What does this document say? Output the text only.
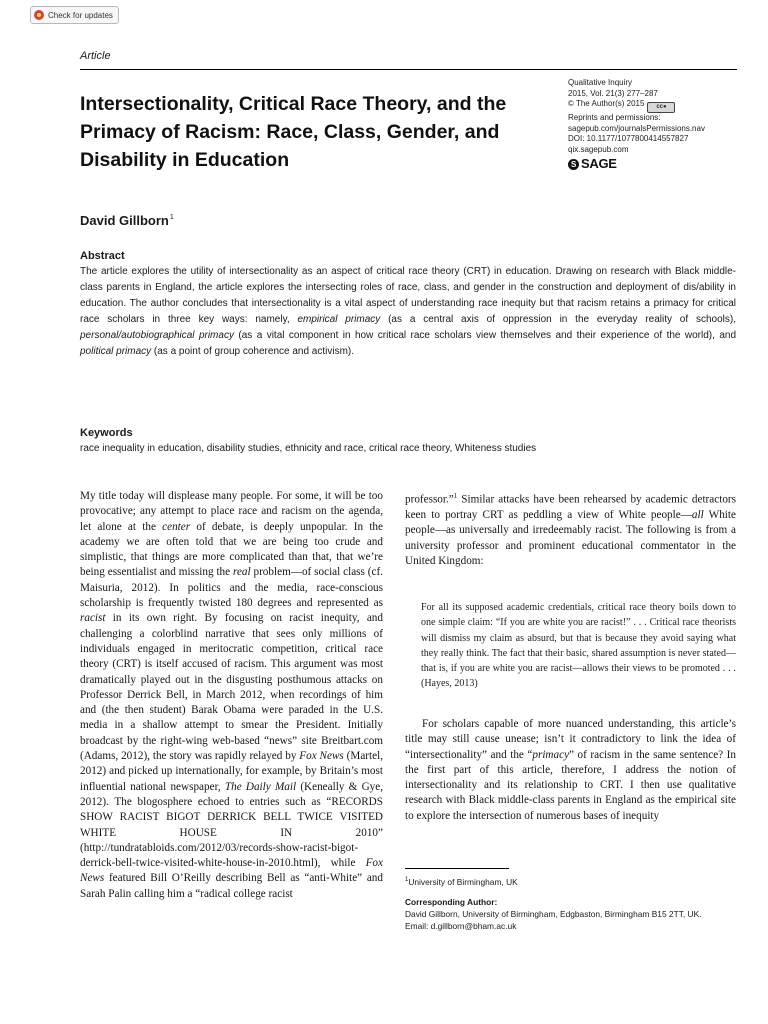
Check for updates
Article
Intersectionality, Critical Race Theory, and the Primacy of Racism: Race, Class, Gender, and Disability in Education
Qualitative Inquiry
2015, Vol. 21(3) 277–287
© The Author(s) 2015 cc●
Reprints and permissions:
sagepub.com/journalsPermissions.nav
DOI: 10.1177/1077800414557827
qix.sagepub.com
S SAGE
David Gillborn$^1$
Abstract

The article explores the utility of intersectionality as an aspect of critical race theory (CRT) in education. Drawing on research with Black middle-class parents in England, the article explores the intersecting roles of race, class, and gender in the construction and deployment of dis/ability in education. The author concludes that intersectionality is a vital aspect of understanding race inequity but that racism retains a primacy for critical race scholars in three key ways: namely, empirical primacy (as a central axis of oppression in the everyday reality of schools), personal/autobiographical primacy (as a vital component in how critical race scholars view themselves and their experience of the world), and political primacy (as a point of group coherence and activism).

Keywords
race inequality in education, disability studies, ethnicity and race, critical race theory, Whiteness studies

My title today will displease many people. For some, it will be too provocative; any attempt to place race and racism on the agenda, let alone at the center of debate, is deeply unpopular. In the academy we are often told that we are being too crude and simplistic, that things are more complicated than that, that we’re being essentialist and missing the real problem—of social class (cf. Maisuria, 2012). In politics and the media, race-conscious scholarship is frequently twisted 180 degrees and represented as racist in its own right. By focusing on racist inequity, and challenging a colorblind narrative that sees only millions of individuals engaged in meritocratic competition, critical race theory (CRT) is itself accused of racism. This argument was most dramatically played out in the disgusting posthumous attacks on Professor Derrick Bell, in March 2012, when recordings of him and (the then student) Barak Obama were paraded in the U.S. media in a shallow attempt to smear the President. Initially broadcast by the right-wing web-based “news” site Breitbart.com (Adams, 2012), the story was rapidly relayed by Fox News (Martel, 2012) and picked up internationally, for example, by Britain’s most influential national newspaper, The Daily Mail (Keneally & Gye, 2012). The blogosphere echoed to entries such as “RECORDS SHOW RACIST BIGOT DERRICK BELL TWICE VISITED WHITE HOUSE IN 2010” (http://tundratabloids.com/2012/03/records-show-racist-bigot-derrick-bell-twice-visited-white-house-in-2010.html), while Fox News featured Bill O’Reilly describing Bell as “anti-White” and Sarah Palin calling him a “radical college racist

professor.”$^1$ Similar attacks have been rehearsed by academic detractors keen to portray CRT as peddling a view of White people—all White people—as universally and irredeemably racist. The following is from a university professor and prominent educational commentator in the United Kingdom:

For all its supposed academic credentials, critical race theory boils down to one simple claim: “If you are white you are racist!” . . . Critical race theorists will dismiss my claim as absurd, but that is because they avoid saying what they really think. The fact that their basic, shared assumption is never stated—that is, if you are white you are racist—allows their views to be promoted . . . (Hayes, 2013)

For scholars capable of more nuanced understanding, this article’s title may still cause unease; isn’t it contradictory to link the idea of “intersectionality” and the “primacy” of racism in the same sentence? In the first part of this article, therefore, I address the notion of intersectionality and its relationship to CRT. I then use qualitative research with Black middle-class parents in England as the empirical site to explore the intersection of numerous bases of inequity

$^1$University of Birmingham, UK
Corresponding Author:
David Gillborn, University of Birmingham, Edgbaston, Birmingham B15 2TT, UK.
Email: d.gillborn@bham.ac.uk
